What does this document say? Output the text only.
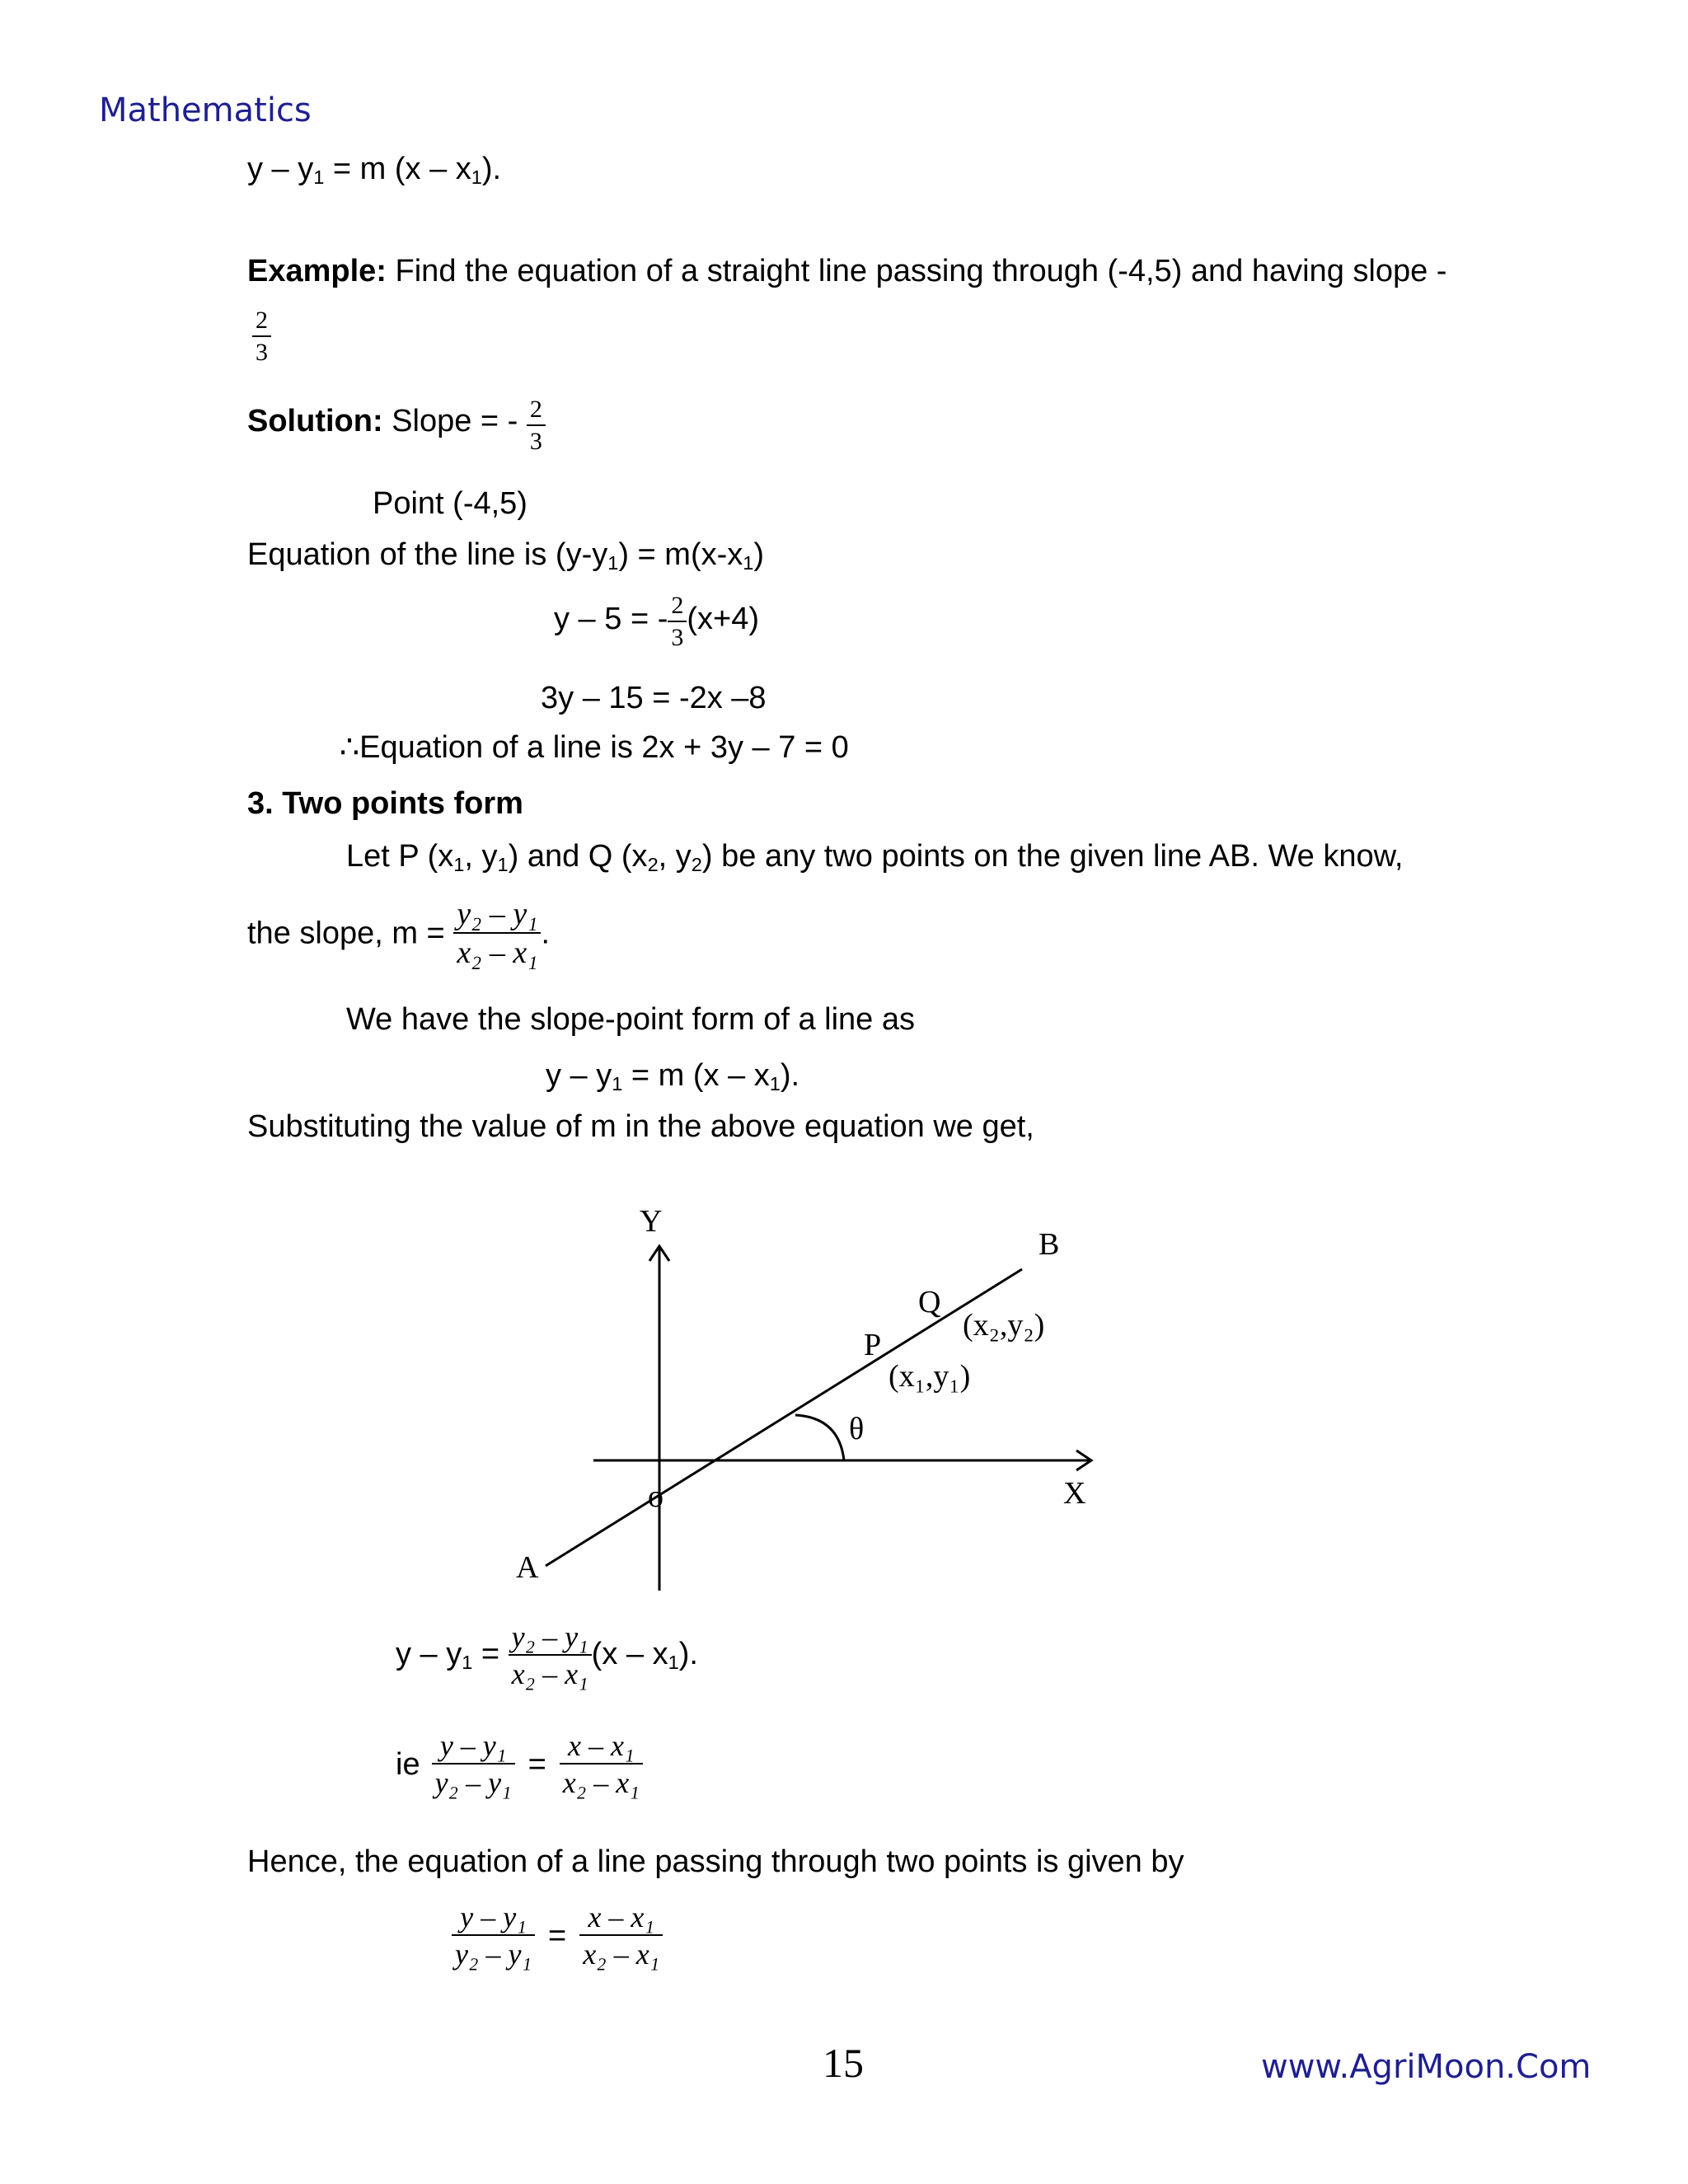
Mathematics
15	www.AgriMoon.Com
$y - y_1 = m$ $(x - x_1)$.
Example: Find the equation of a straight line passing through (-4,5) and having slope -
$\frac{2}{3}$
Solution: Slope = - $\frac{2}{3}$
Point (-4,5)
Equation of the line is $(y-y_1) = m(x-x_1)$
y – 5 = - $\frac{2}{3} (x+4)$
3y – 15 = -2x –8
∴Equation of a line is 2x + 3y – 7 = 0
3. Two points form
Let P ($x_1$, $y_1$) and Q ($x_2$, $y_2$) be any two points on the given line AB. We know,
the slope, $m = \frac{\text{y₂ – y₁}}{\text{x₂ – x₁}}$ .
We have the slope-point form of a line as
$y - y_1 = m$ $(x - x_1)$.
Substituting the value of m in the above equation we get,
Y
B
Q
(x₂,y₂)
P
(x₁,y₁)
θ
X
o
A
$y - y_1 = \frac{\text{y₂ – y₁}}{\text{x₂ – x₁}} (x - x_1)$.
ie $\frac{\text{y – y₁}}{\text{y₂ – y₁}} = \frac{\text{x – x₁}}{\text{x₂ – x₁}}$
Hence, the equation of a line passing through two points is given by
$\frac{\text{y – y₁}}{\text{y₂ – y₁}} = \frac{\text{x – x₁}}{\text{x₂ – x₁}}$
